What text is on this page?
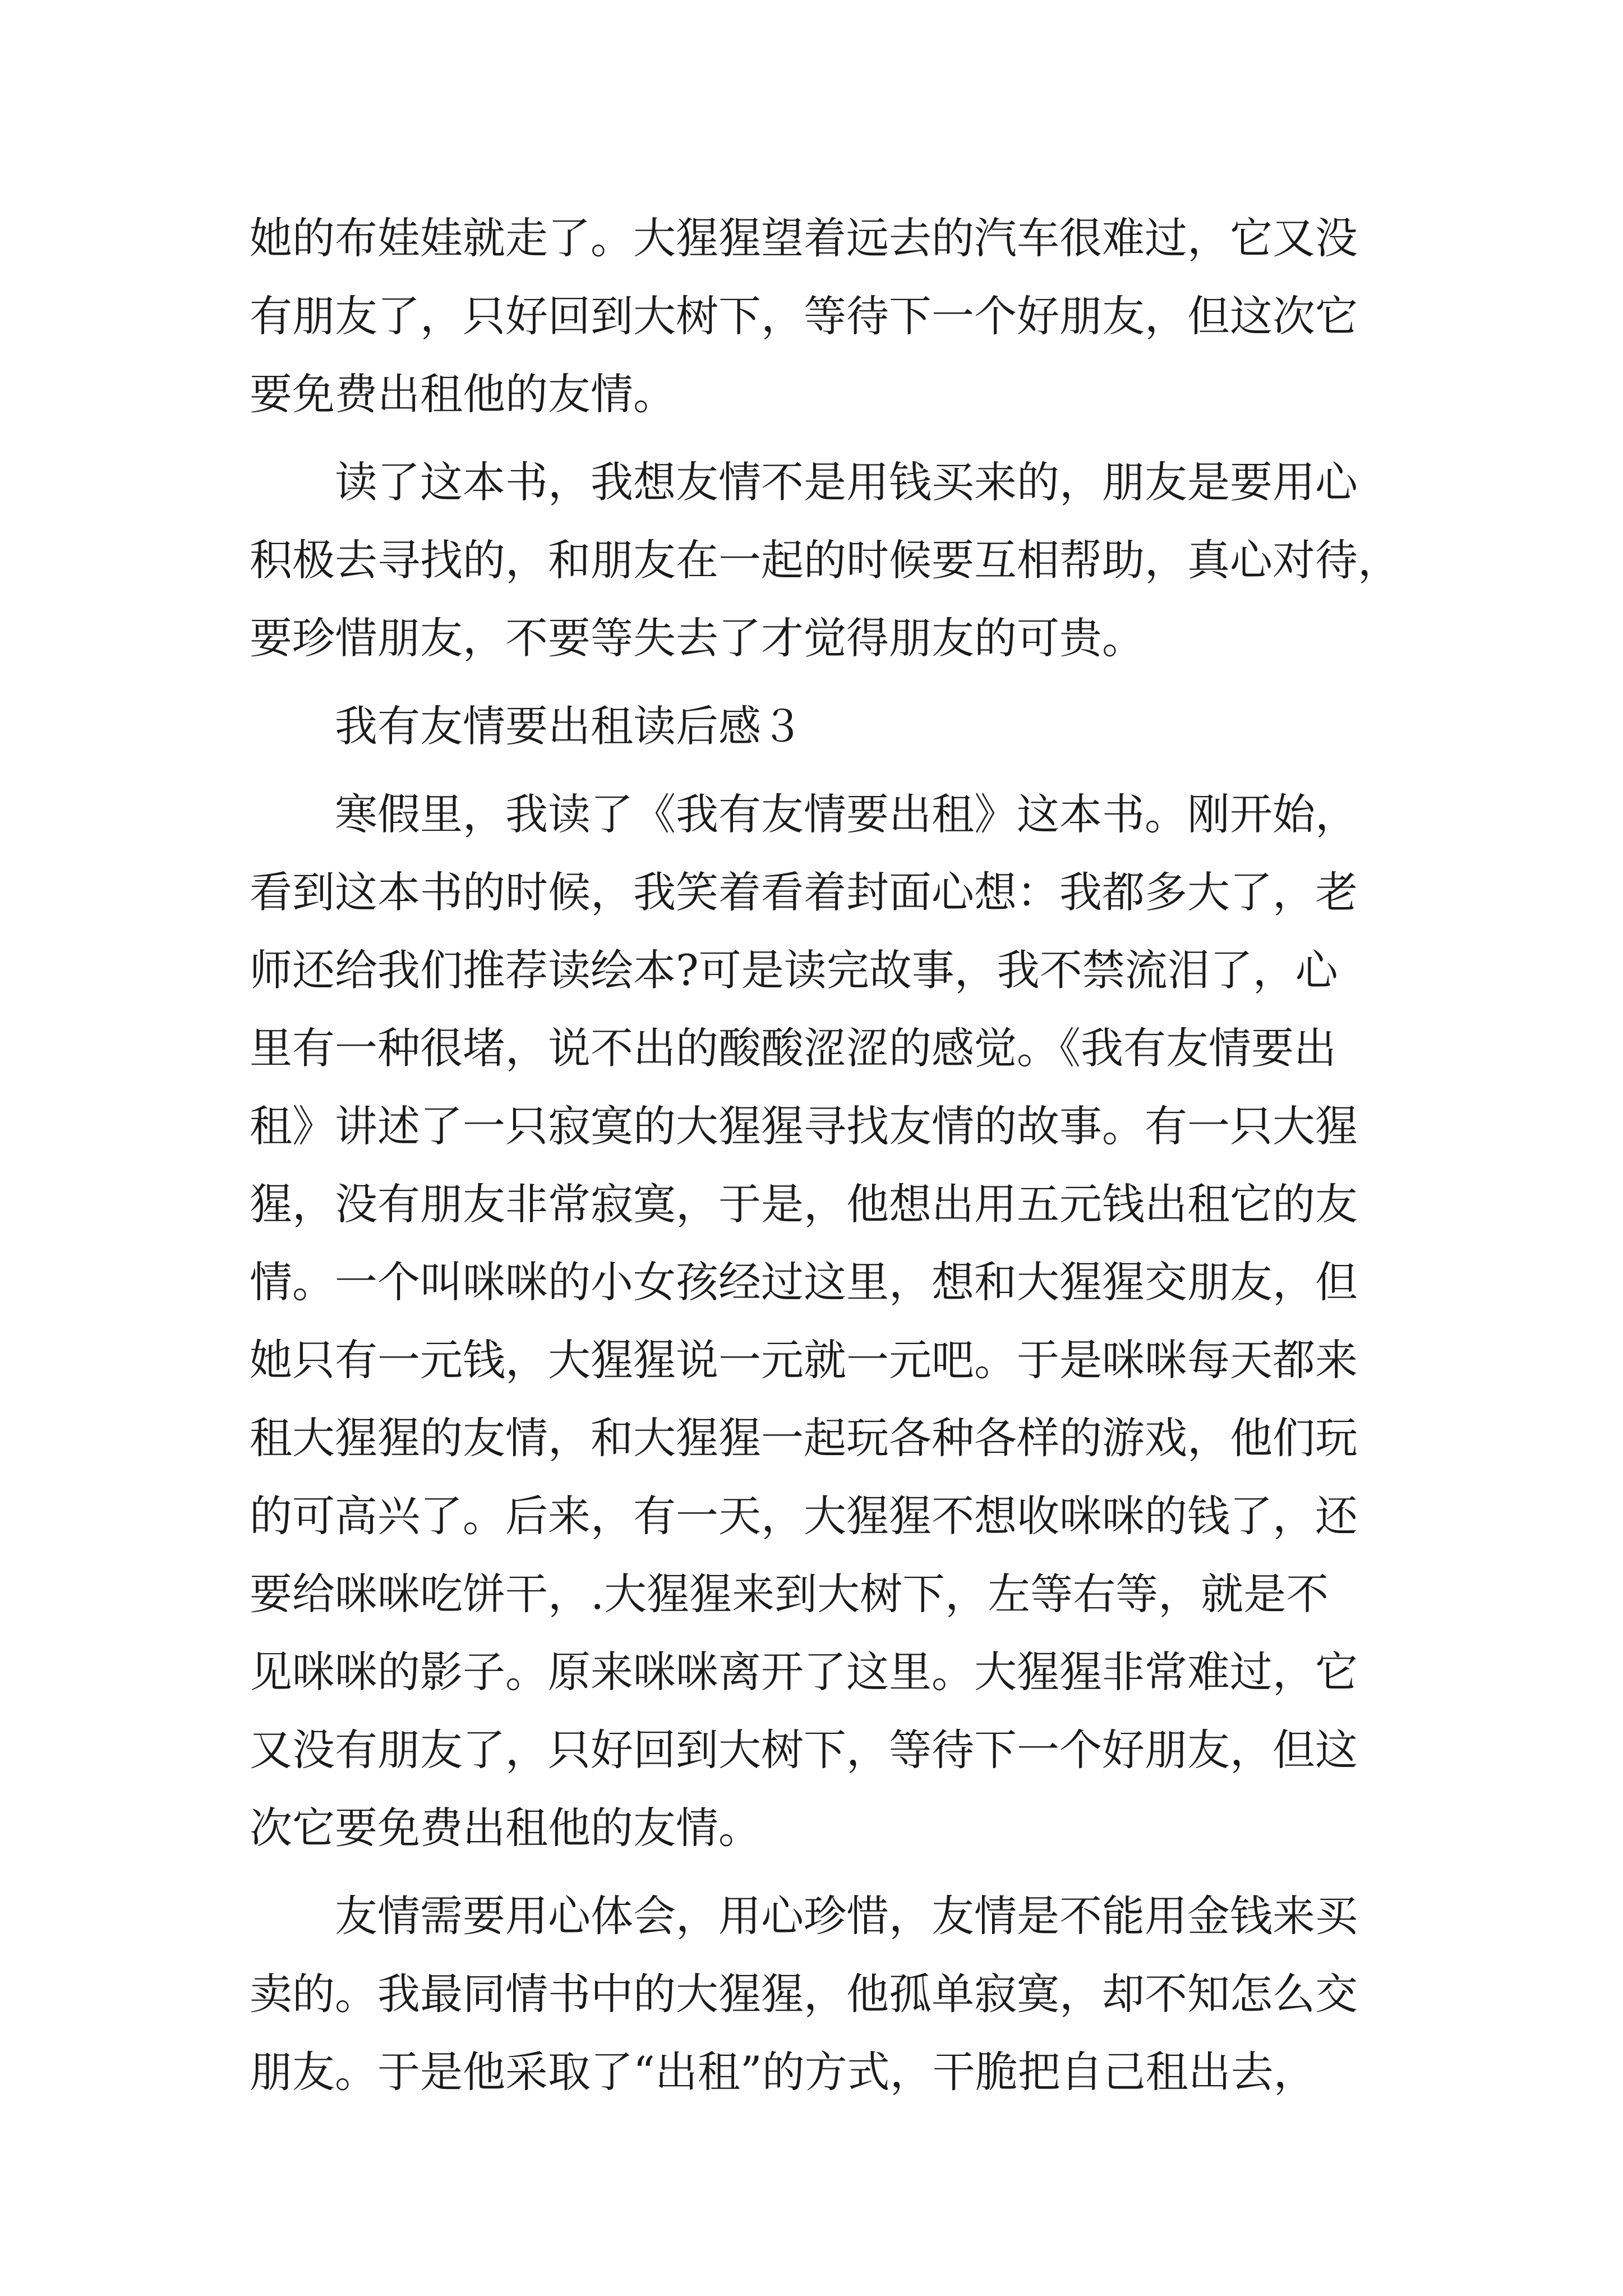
她的布娃娃就走了。大猩猩望着远去的汽车很难过，它又没
有朋友了，只好回到大树下，等待下一个好朋友，但这次它
要免费出租他的友情。
读了这本书，我想友情不是用钱买来的，朋友是要用心
积极去寻找的，和朋友在一起的时候要互相帮助，真心对待，
要珍惜朋友，不要等失去了才觉得朋友的可贵。
我有友情要出租读后感３
寒假里，我读了《我有友情要出租》这本书。刚开始，
看到这本书的时候，我笑着看着封面心想：我都多大了，老
师还给我们推荐读绘本?可是读完故事，我不禁流泪了，心
里有一种很堵，说不出的酸酸涩涩的感觉。《我有友情要出
租》讲述了一只寂寞的大猩猩寻找友情的故事。有一只大猩
猩，没有朋友非常寂寞，于是，他想出用五元钱出租它的友
情。一个叫咪咪的小女孩经过这里，想和大猩猩交朋友，但
她只有一元钱，大猩猩说一元就一元吧。于是咪咪每天都来
租大猩猩的友情，和大猩猩一起玩各种各样的游戏，他们玩
的可高兴了。后来，有一天，大猩猩不想收咪咪的钱了，还
要给咪咪吃饼干，.大猩猩来到大树下，左等右等，就是不
见咪咪的影子。原来咪咪离开了这里。大猩猩非常难过，它
又没有朋友了，只好回到大树下，等待下一个好朋友，但这
次它要免费出租他的友情。
友情需要用心体会，用心珍惜，友情是不能用金钱来买
卖的。我最同情书中的大猩猩，他孤单寂寞，却不知怎么交
朋友。于是他采取了“出租”的方式，干脆把自己租出去，
